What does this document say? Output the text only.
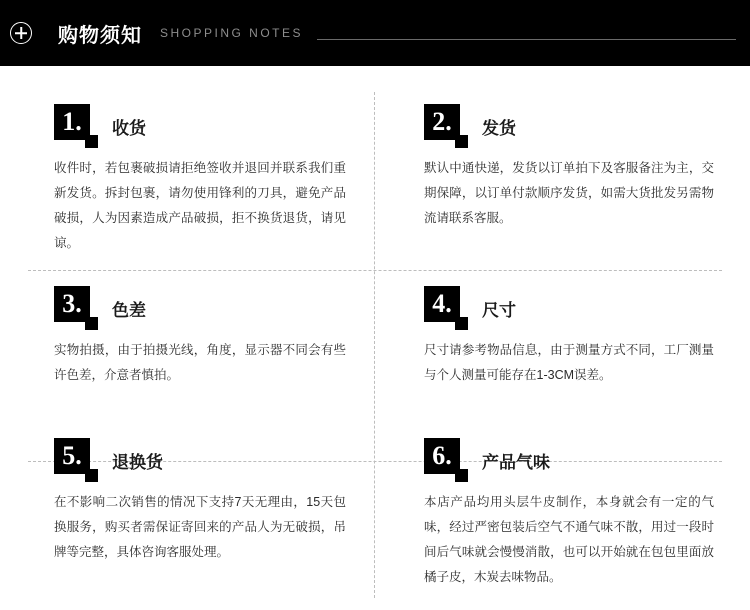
购物须知 SHOPPING NOTES
1.	收货
收件时，若包裹破损请拒绝签收并退回并联系我们重新发货。拆封包裹，请勿使用锋利的刀具，避免产品破损，人为因素造成产品破损，拒不换货退货，请见谅。
2.	发货
默认中通快递，发货以订单拍下及客服备注为主，交期保障，以订单付款顺序发货，如需大货批发另需物流请联系客服。
3.	色差
实物拍摄，由于拍摄光线，角度，显示器不同会有些许色差，介意者慎拍。
4.	尺寸
尺寸请参考物品信息，由于测量方式不同，工厂测量与个人测量可能存在1-3CM误差。
5.	退换货
在不影响二次销售的情况下支持7天无理由，15天包换服务，购买者需保证寄回来的产品人为无破损，吊牌等完整，具体咨询客服处理。
6.	产品气味
本店产品均用头层牛皮制作，本身就会有一定的气味，经过严密包装后空气不通气味不散，用过一段时间后气味就会慢慢消散，也可以开始就在包包里面放橘子皮，木炭去味物品。
